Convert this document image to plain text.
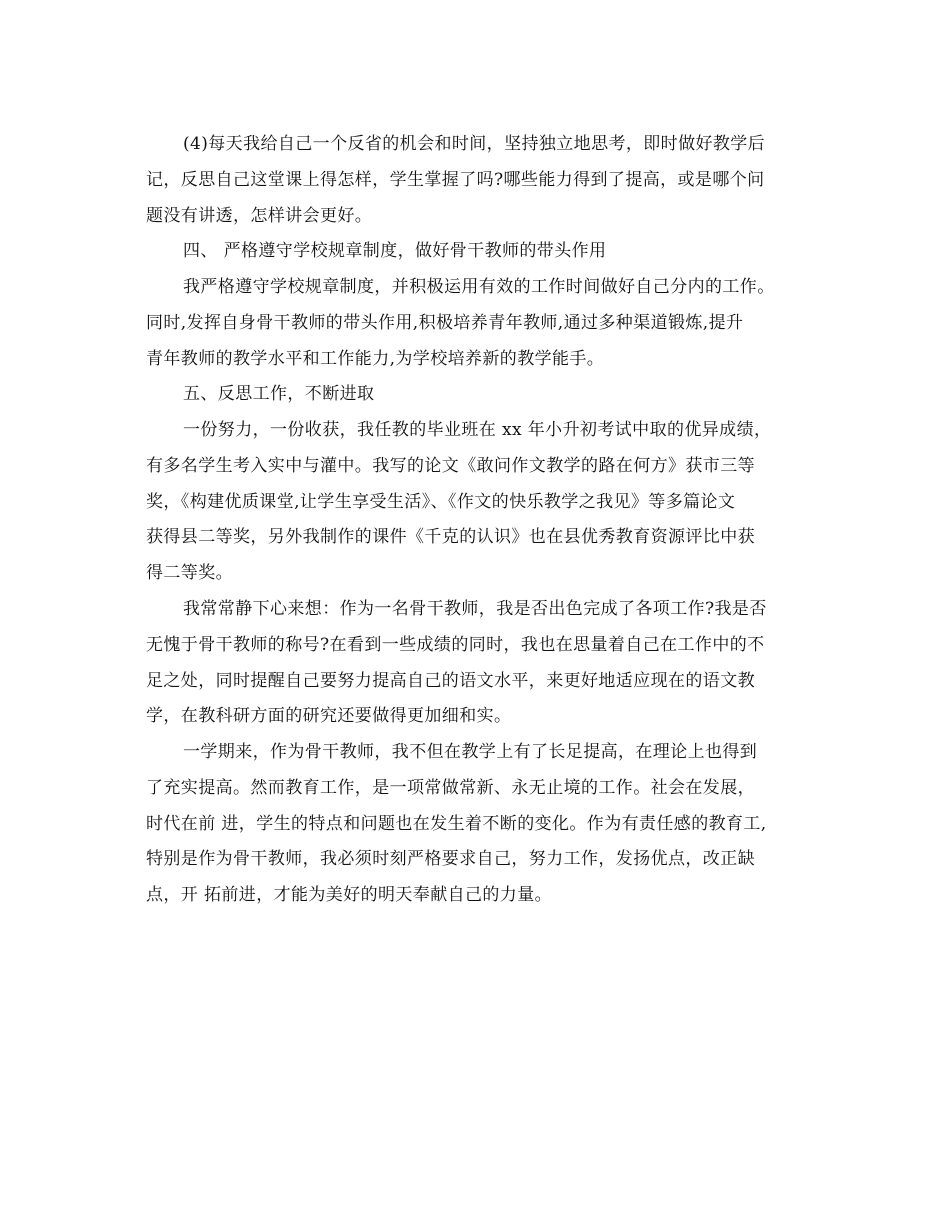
(4)每天我给自己一个反省的机会和时间，坚持独立地思考，即时做好教学后
记，反思自己这堂课上得怎样，学生掌握了吗?哪些能力得到了提高，或是哪个问
题没有讲透，怎样讲会更好。
四、 严格遵守学校规章制度，做好骨干教师的带头作用
我严格遵守学校规章制度，并积极运用有效的工作时间做好自己分内的工作。
同时,发挥自身骨干教师的带头作用,积极培养青年教师,通过多种渠道锻炼,提升
青年教师的教学水平和工作能力,为学校培养新的教学能手。
五、反思工作，不断进取
一份努力，一份收获，我任教的毕业班在 xx 年小升初考试中取的优异成绩，
有多名学生考入实中与灌中。我写的论文《敢问作文教学的路在何方》获市三等
奖，《构建优质课堂,让学生享受生活》、《作文的快乐教学之我见》等多篇论文
获得县二等奖，另外我制作的课件《千克的认识》也在县优秀教育资源评比中获
得二等奖。
我常常静下心来想：作为一名骨干教师，我是否出色完成了各项工作?我是否
无愧于骨干教师的称号?在看到一些成绩的同时，我也在思量着自己在工作中的不
足之处，同时提醒自己要努力提高自己的语文水平，来更好地适应现在的语文教
学，在教科研方面的研究还要做得更加细和实。
一学期来，作为骨干教师，我不但在教学上有了长足提高，在理论上也得到
了充实提高。然而教育工作，是一项常做常新、永无止境的工作。社会在发展，
时代在前 进，学生的特点和问题也在发生着不断的变化。作为有责任感的教育工,
特别是作为骨干教师，我必须时刻严格要求自己，努力工作，发扬优点，改正缺
点，开 拓前进，才能为美好的明天奉献自己的力量。
